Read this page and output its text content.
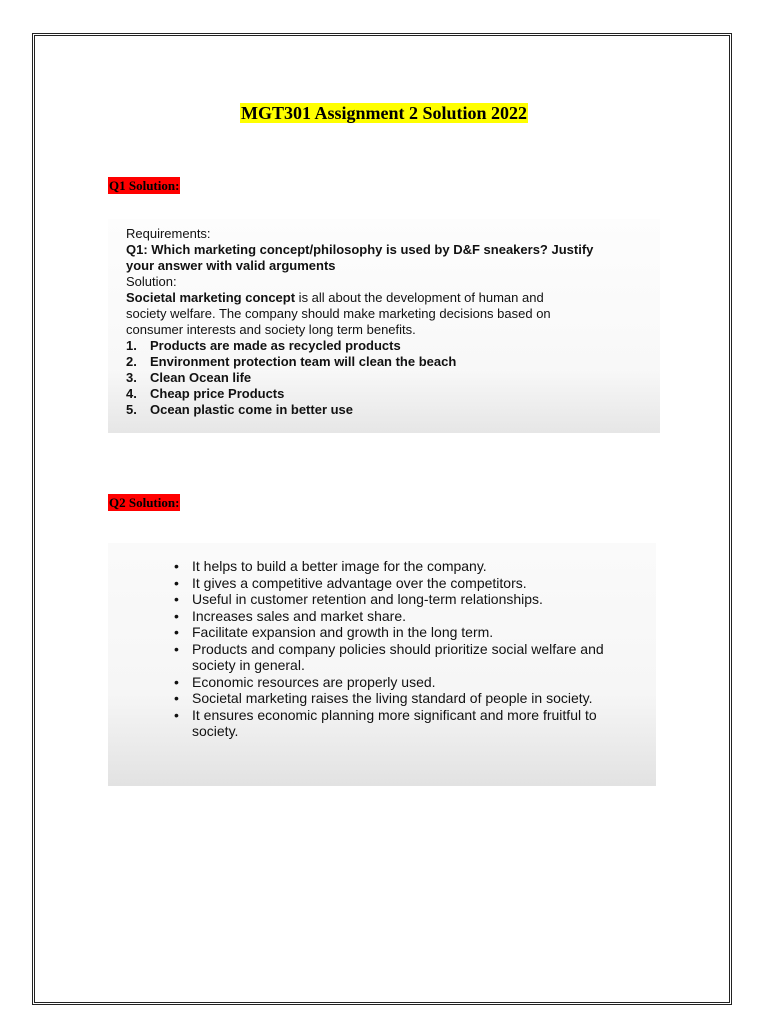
MGT301 Assignment 2 Solution 2022
Q1 Solution:

Requirements:

Q1: Which marketing concept/philosophy is used by D&F sneakers? Justify

your answer with valid arguments

Solution:

Societal marketing concept is all about the development of human and

society welfare. The company should make marketing decisions based on

consumer interests and society long term benefits.

1.	Products are made as recycled products
2.	Environment protection team will clean the beach
3.	Clean Ocean life
4.	Cheap price Products
5.	Ocean plastic come in better use
Q2 Solution:
• It helps to build a better image for the company.
• It gives a competitive advantage over the competitors.
• Useful in customer retention and long-term relationships.
• Increases sales and market share.
• Facilitate expansion and growth in the long term.
• Products and company policies should prioritize social welfare and society in general.
• Economic resources are properly used.
• Societal marketing raises the living standard of people in society.
• It ensures economic planning more significant and more fruitful to society.
